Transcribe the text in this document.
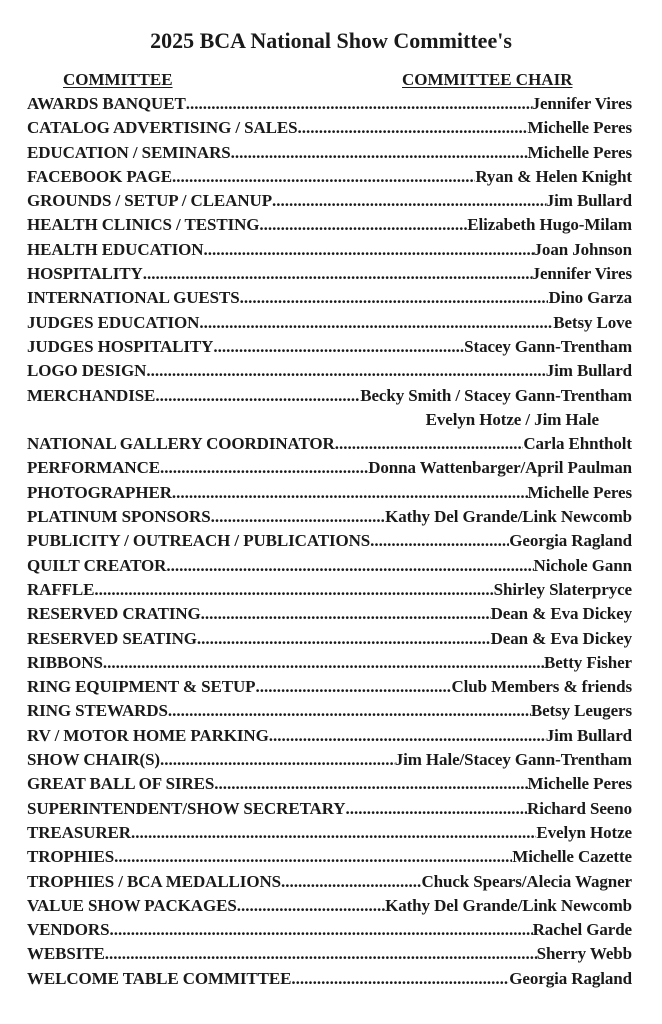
2025 BCA National Show Committee's
COMMITTEE	COMMITTEE CHAIR
AWARDS BANQUET .....	Jennifer Vires
CATALOG ADVERTISING / SALES .....	Michelle Peres
EDUCATION / SEMINARS .....	Michelle Peres
FACEBOOK PAGE .....	Ryan & Helen Knight
GROUNDS / SETUP / CLEANUP .....	Jim Bullard
HEALTH CLINICS / TESTING .....	Elizabeth Hugo-Milam
HEALTH EDUCATION .....	Joan Johnson
HOSPITALITY .....	Jennifer Vires
INTERNATIONAL GUESTS .....	Dino Garza
JUDGES EDUCATION .....	Betsy Love
JUDGES HOSPITALITY .....	Stacey Gann-Trentham
LOGO DESIGN .....	Jim Bullard
MERCHANDISE .....	Becky Smith / Stacey Gann-Trentham
Evelyn Hotze / Jim Hale
NATIONAL GALLERY COORDINATOR .....	Carla Ehntholt
PERFORMANCE .....	Donna Wattenbarger/April Paulman
PHOTOGRAPHER .....	Michelle Peres
PLATINUM SPONSORS .....	Kathy Del Grande/Link Newcomb
PUBLICITY / OUTREACH / PUBLICATIONS .....	Georgia Ragland
QUILT CREATOR .....	Nichole Gann
RAFFLE .....	Shirley Slaterpryce
RESERVED CRATING .....	Dean & Eva Dickey
RESERVED SEATING .....	Dean & Eva Dickey
RIBBONS .....	Betty Fisher
RING EQUIPMENT & SETUP .....	Club Members & friends
RING STEWARDS .....	Betsy Leugers
RV / MOTOR HOME PARKING .....	Jim Bullard
SHOW CHAIR(S) .....	Jim Hale/Stacey Gann-Trentham
GREAT BALL OF SIRES .....	Michelle Peres
SUPERINTENDENT/SHOW SECRETARY .....	Richard Seeno
TREASURER .....	Evelyn Hotze
TROPHIES .....	Michelle Cazette
TROPHIES / BCA MEDALLIONS .....	Chuck Spears/Alecia Wagner
VALUE SHOW PACKAGES .....	Kathy Del Grande/Link Newcomb
VENDORS .....	Rachel Garde
WEBSITE .....	Sherry Webb
WELCOME TABLE COMMITTEE .....	Georgia Ragland
